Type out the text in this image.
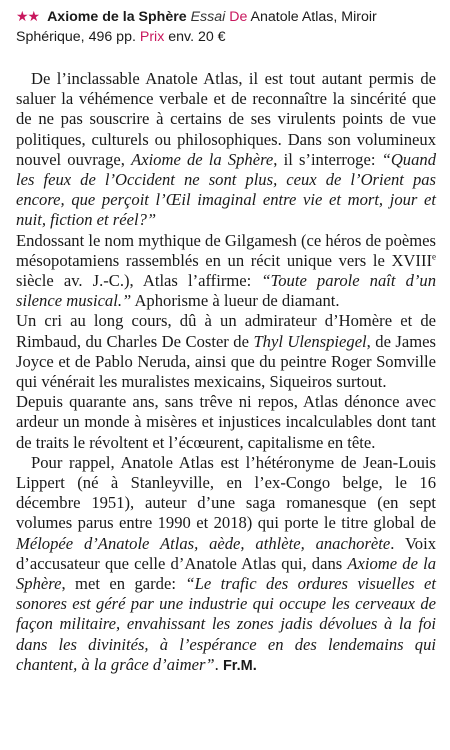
★★ Axiome de la Sphère Essai De Anatole Atlas, Miroir Sphérique, 496 pp. Prix env. 20 €

De l’inclassable Anatole Atlas, il est tout autant permis de saluer la véhémence verbale et de reconnaître la sincérité que de ne pas souscrire à certains de ses virulents points de vue politiques, culturels ou philosophiques. Dans son volumineux nouvel ouvrage, Axiome de la Sphère, il s’interroge: “Quand les feux de l’Occident ne sont plus, ceux de l’Orient pas encore, que perçoit l’Œil imaginal entre vie et mort, jour et nuit, fiction et réel?”

Endossant le nom mythique de Gilgamesh (ce héros de poèmes mésopotamiens rassemblés en un récit unique vers le XVIIIe siècle av. J.-C.), Atlas l’affirme: “Toute parole naît d’un silence musical.” Aphorisme à lueur de diamant.

Un cri au long cours, dû à un admirateur d’Homère et de Rimbaud, du Charles De Coster de Thyl Ulenspiegel, de James Joyce et de Pablo Neruda, ainsi que du peintre Roger Somville qui vénérait les muralistes mexicains, Siqueiros surtout.

Depuis quarante ans, sans trêve ni repos, Atlas dénonce avec ardeur un monde à misères et injustices incalculables dont tant de traits le révoltent et l’écœurent, capitalisme en tête.

Pour rappel, Anatole Atlas est l’hétéronyme de Jean-Louis Lippert (né à Stanleyville, en l’ex-Congo belge, le 16 décembre 1951), auteur d’une saga romanesque (en sept volumes parus entre 1990 et 2018) qui porte le titre global de Mélopée d’Anatole Atlas, aède, athlète, anachorète. Voix d’accusateur que celle d’Anatole Atlas qui, dans Axiome de la Sphère, met en garde: “Le trafic des ordures visuelles et sonores est géré par une industrie qui occupe les cerveaux de façon militaire, envahissant les zones jadis dévolues à la foi dans les divinités, à l’espérance en des lendemains qui chantent, à la grâce d’aimer”. Fr.M.
